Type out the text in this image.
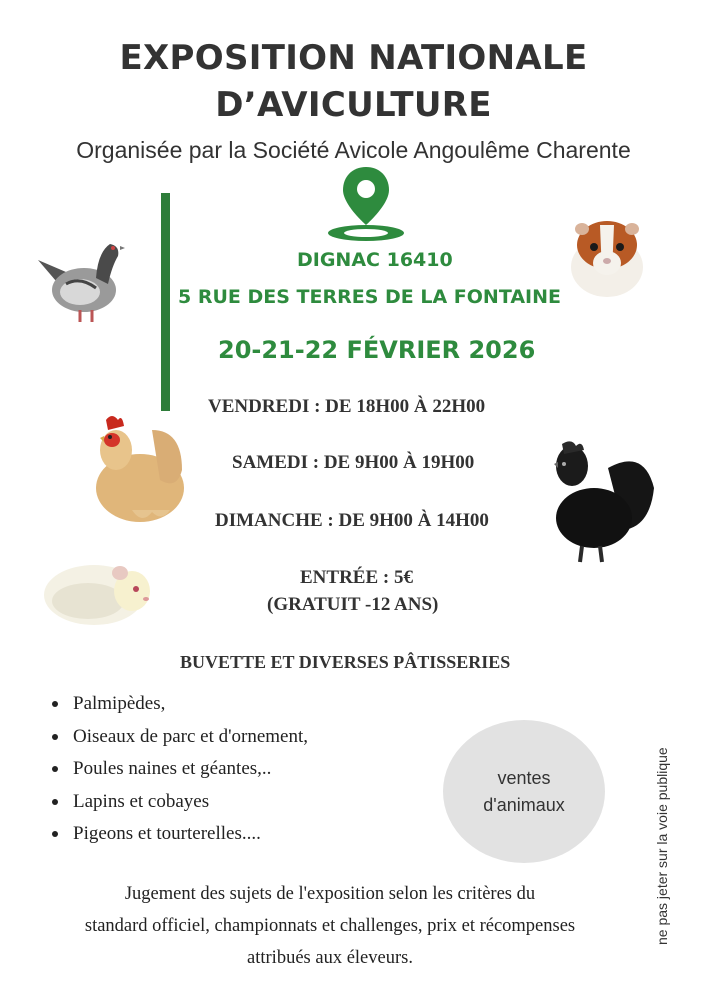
EXPOSITION NATIONALE
D’AVICULTURE
Organisée par la Société Avicole Angoulême Charente
DIGNAC 16410
5 RUE DES TERRES DE LA FONTAINE
20-21-22 FÉVRIER 2026
VENDREDI : DE 18H00 À 22H00
SAMEDI : DE 9H00 À 19H00
DIMANCHE : DE 9H00 À 14H00
ENTRÉE : 5€
(GRATUIT -12 ANS)
BUVETTE ET DIVERSES PÂTISSERIES
Palmipèdes,
Oiseaux de parc et d'ornement,
Poules naines et géantes,..
Lapins et cobayes
Pigeons et tourterelles....
ventes
d'animaux	ne pas jeter sur la voie publique
Jugement des sujets de l'exposition selon les critères du
standard officiel, championnats et challenges, prix et récompenses
attribués aux éleveurs.
